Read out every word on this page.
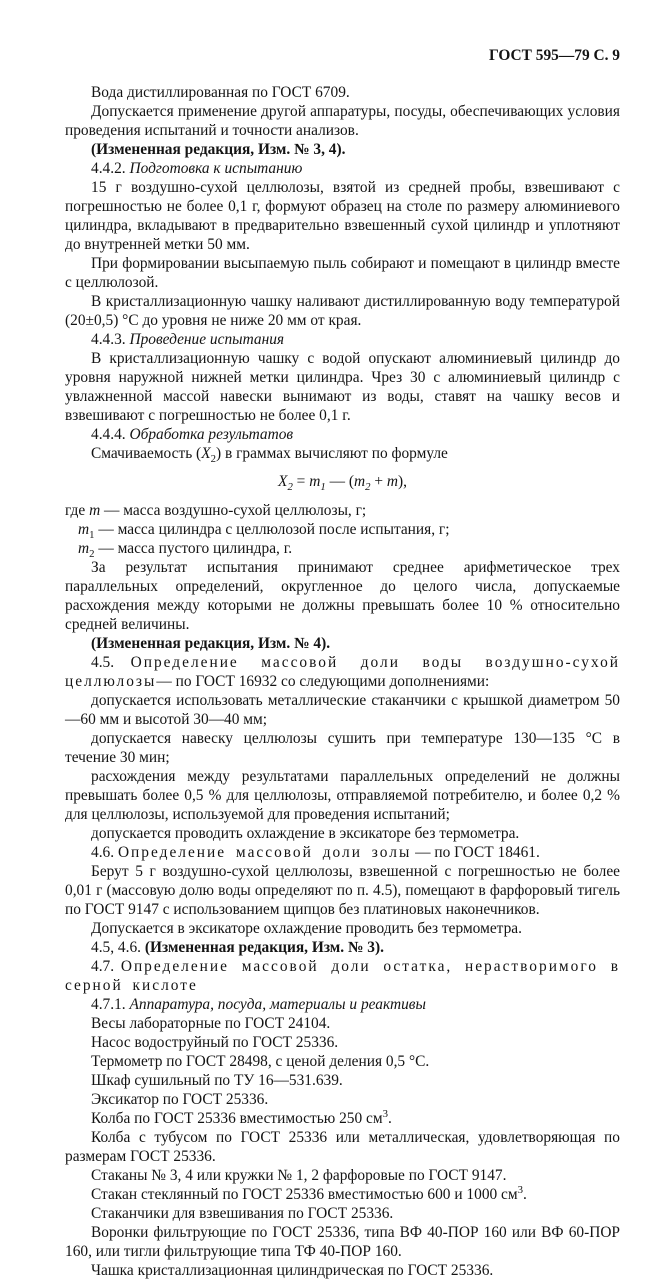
ГОСТ 595—79 С. 9

Вода дистиллированная по ГОСТ 6709.

Допускается применение другой аппаратуры, посуды, обеспечивающих условия проведения испытаний и точности анализов.

(Измененная редакция, Изм. № 3, 4).

4.4.2. Подготовка к испытанию

15 г воздушно-сухой целлюлозы, взятой из средней пробы, взвешивают с погрешностью не более 0,1 г, формуют образец на столе по размеру алюминиевого цилиндра, вкладывают в предварительно взвешенный сухой цилиндр и уплотняют до внутренней метки 50 мм.

При формировании высыпаемую пыль собирают и помещают в цилиндр вместе с целлюлозой.

В кристаллизационную чашку наливают дистиллированную воду температурой (20±0,5) °С до уровня не ниже 20 мм от края.

4.4.3. Проведение испытания

В кристаллизационную чашку с водой опускают алюминиевый цилиндр до уровня наружной нижней метки цилиндра. Чрез 30 с алюминиевый цилиндр с увлажненной массой навески вынимают из воды, ставят на чашку весов и взвешивают с погрешностью не более 0,1 г.

4.4.4. Обработка результатов

Смачиваемость $(X_2)$ в граммах вычисляют по формуле

$X_2 = m_1$ — $(m_2 + m)$,

где m — масса воздушно-сухой целлюлозы, г;

$m_1$ — масса цилиндра с целлюлозой после испытания, г;

$m_2$ — масса пустого цилиндра, г.

За результат испытания принимают среднее арифметическое трех параллельных определений, округленное до целого числа, допускаемые расхождения между которыми не должны превышать более 10 % относительно средней величины.

(Измененная редакция, Изм. № 4).

4.5. Определение массовой доли воды воздушно-сухой целлюлозы— по ГОСТ 16932 со следующими дополнениями:

допускается использовать металлические стаканчики с крышкой диаметром 50—60 мм и высотой 30—40 мм;

допускается навеску целлюлозы сушить при температуре 130—135 °С в течение 30 мин;

расхождения между результатами параллельных определений не должны превышать более 0,5 % для целлюлозы, отправляемой потребителю, и более 0,2 % для целлюлозы, используемой для проведения испытаний;

допускается проводить охлаждение в эксикаторе без термометра.

4.6. Определение массовой доли золы — по ГОСТ 18461.

Берут 5 г воздушно-сухой целлюлозы, взвешенной с погрешностью не более 0,01 г (массовую долю воды определяют по п. 4.5), помещают в фарфоровый тигель по ГОСТ 9147 с использованием щипцов без платиновых наконечников.

Допускается в эксикаторе охлаждение проводить без термометра.

4.5, 4.6. (Измененная редакция, Изм. № 3).

4.7. Определение массовой доли остатка, нерастворимого в серной кислоте

4.7.1. Аппаратура, посуда, материалы и реактивы

Весы лабораторные по ГОСТ 24104.

Насос водоструйный по ГОСТ 25336.

Термометр по ГОСТ 28498, с ценой деления 0,5 °С.

Шкаф сушильный по ТУ 16—531.639.

Эксикатор по ГОСТ 25336.

Колба по ГОСТ 25336 вместимостью 250 $см^3$.

Колба с тубусом по ГОСТ 25336 или металлическая, удовлетворяющая по размерам ГОСТ 25336.

Стаканы № 3, 4 или кружки № 1, 2 фарфоровые по ГОСТ 9147.

Стакан стеклянный по ГОСТ 25336 вместимостью 600 и 1000 $см^3$.

Стаканчики для взвешивания по ГОСТ 25336.

Воронки фильтрующие по ГОСТ 25336, типа ВФ 40-ПОР 160 или ВФ 60-ПОР 160, или тигли фильтрующие типа ТФ 40-ПОР 160.

Чашка кристаллизационная цилиндрическая по ГОСТ 25336.
